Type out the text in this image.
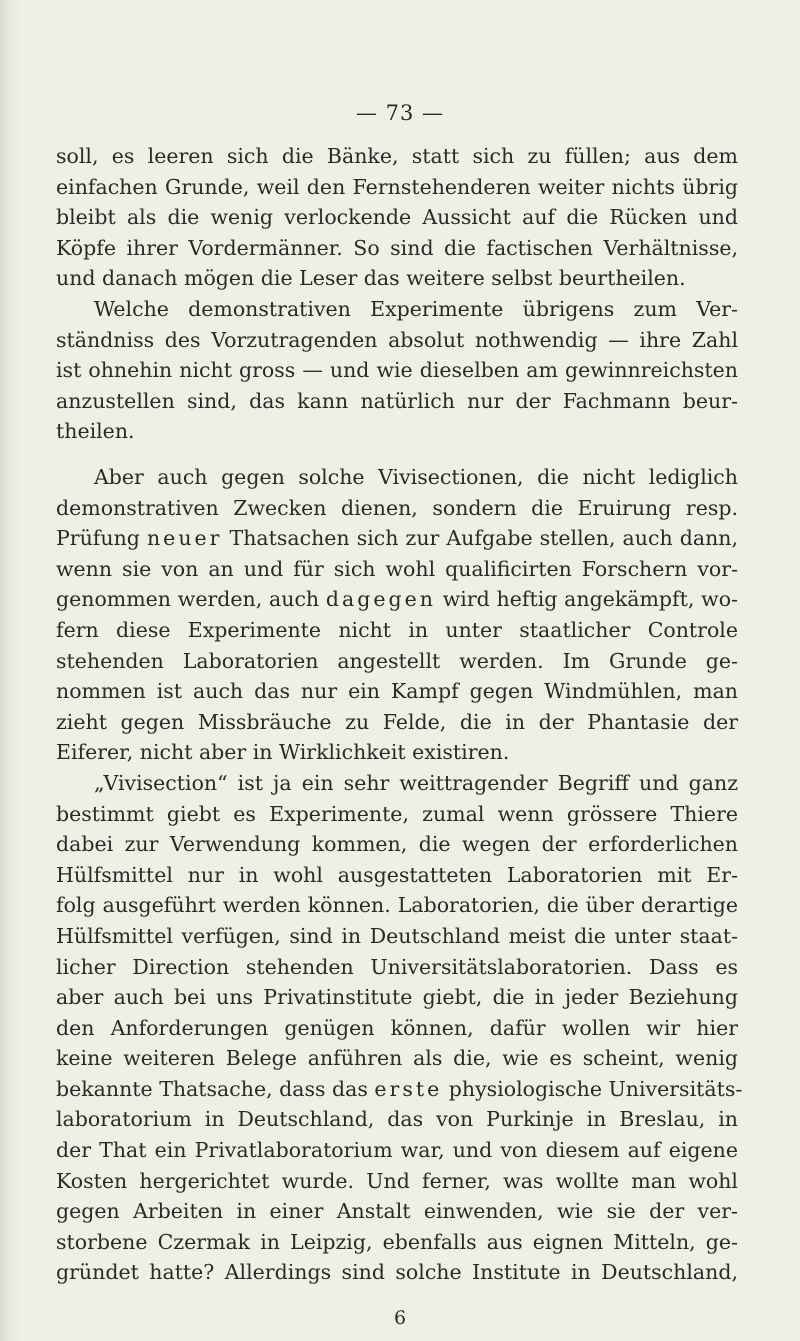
— 73 —
soll, es leeren sich die Bänke, statt sich zu füllen; aus dem
einfachen Grunde, weil den Fernstehenderen weiter nichts übrig
bleibt als die wenig verlockende Aussicht auf die Rücken und
Köpfe ihrer Vordermänner. So sind die factischen Verhältnisse,
und danach mögen die Leser das weitere selbst beurtheilen.
Welche demonstrativen Experimente übrigens zum Ver-
ständniss des Vorzutragenden absolut nothwendig — ihre Zahl
ist ohnehin nicht gross — und wie dieselben am gewinnreichsten
anzustellen sind, das kann natürlich nur der Fachmann beur-
theilen.
Aber auch gegen solche Vivisectionen, die nicht lediglich
demonstrativen Zwecken dienen, sondern die Eruirung resp.
Prüfung neuer Thatsachen sich zur Aufgabe stellen, auch dann,
wenn sie von an und für sich wohl qualificirten Forschern vor-
genommen werden, auch dagegen wird heftig angekämpft, wo-
fern diese Experimente nicht in unter staatlicher Controle
stehenden Laboratorien angestellt werden. Im Grunde ge-
nommen ist auch das nur ein Kampf gegen Windmühlen, man
zieht gegen Missbräuche zu Felde, die in der Phantasie der
Eiferer, nicht aber in Wirklichkeit existiren.
„Vivisection“ ist ja ein sehr weittragender Begriff und ganz
bestimmt giebt es Experimente, zumal wenn grössere Thiere
dabei zur Verwendung kommen, die wegen der erforderlichen
Hülfsmittel nur in wohl ausgestatteten Laboratorien mit Er-
folg ausgeführt werden können. Laboratorien, die über derartige
Hülfsmittel verfügen, sind in Deutschland meist die unter staat-
licher Direction stehenden Universitätslaboratorien. Dass es
aber auch bei uns Privatinstitute giebt, die in jeder Beziehung
den Anforderungen genügen können, dafür wollen wir hier
keine weiteren Belege anführen als die, wie es scheint, wenig
bekannte Thatsache, dass das erste physiologische Universitäts-
laboratorium in Deutschland, das von Purkinje in Breslau, in
der That ein Privatlaboratorium war, und von diesem auf eigene
Kosten hergerichtet wurde. Und ferner, was wollte man wohl
gegen Arbeiten in einer Anstalt einwenden, wie sie der ver-
storbene Czermak in Leipzig, ebenfalls aus eignen Mitteln, ge-
gründet hatte? Allerdings sind solche Institute in Deutschland,
6
